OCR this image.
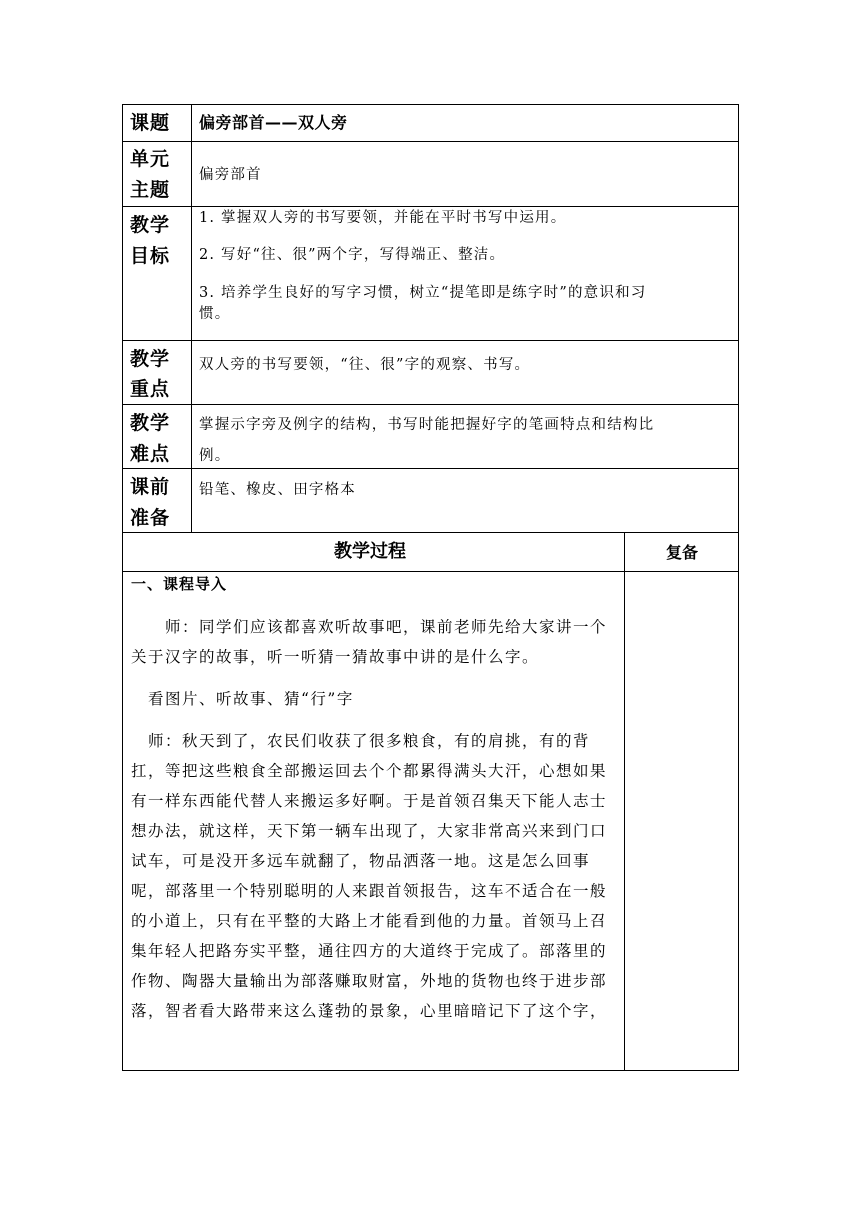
课题 偏旁部首——双人旁
单元
主题
偏旁部首
教学
目标
1. 掌握双人旁的书写要领，并能在平时书写中运用。
2. 写好“往、很”两个字，写得端正、整洁。
3. 培养学生良好的写字习惯，树立“提笔即是练字时”的意识和习
惯。
教学
重点
双人旁的书写要领，“往、很”字的观察、书写。
教学
难点
掌握示字旁及例字的结构，书写时能把握好字的笔画特点和结构比
例。
课前
准备
铅笔、橡皮、田字格本
教学过程	复备
一、课程导入
　　师：同学们应该都喜欢听故事吧，课前老师先给大家讲一个
关于汉字的故事，听一听猜一猜故事中讲的是什么字。
　看图片、听故事、猜“行”字
　师：秋天到了，农民们收获了很多粮食，有的肩挑，有的背
扛，等把这些粮食全部搬运回去个个都累得满头大汗，心想如果
有一样东西能代替人来搬运多好啊。于是首领召集天下能人志士
想办法，就这样，天下第一辆车出现了，大家非常高兴来到门口
试车，可是没开多远车就翻了，物品洒落一地。这是怎么回事
呢，部落里一个特别聪明的人来跟首领报告，这车不适合在一般
的小道上，只有在平整的大路上才能看到他的力量。首领马上召
集年轻人把路夯实平整，通往四方的大道终于完成了。部落里的
作物、陶器大量输出为部落赚取财富，外地的货物也终于进步部
落，智者看大路带来这么蓬勃的景象，心里暗暗记下了这个字，
